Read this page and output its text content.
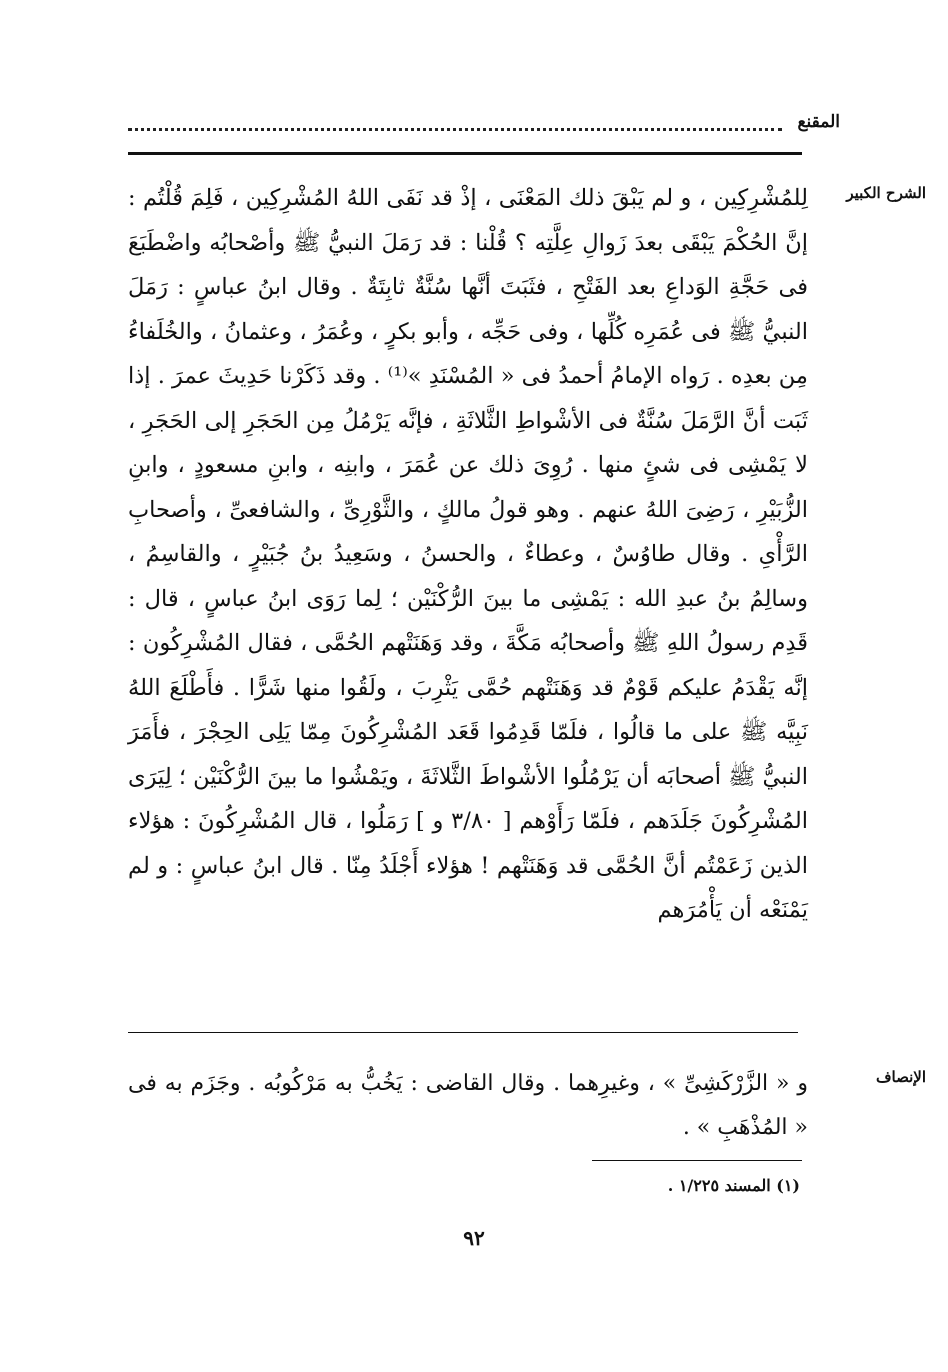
المقنع
الشرح الكبير
لِلمُشْرِكِين ، و لم يَبْقَ ذلك المَعْنَى ، إذْ قد نَفَى اللهُ المُشْرِكِين ، فَلِمَ قُلْتُم : إنَّ الحُكْمَ يَبْقَى بعدَ زَوالِ عِلَّتِه ؟ قُلْنا : قد رَمَلَ النبيُّ ﷺ وأصْحابُه واضْطَبَعَ فى حَجَّةِ الوَداعِ بعد الفَتْحِ ، فثَبَتَ أنَّها سُنَّةٌ ثابِتَةٌ . وقال ابنُ عباسٍ : رَمَلَ النبيُّ ﷺ فى عُمَرِه كُلِّها ، وفى حَجِّه ، وأبو بكرٍ ، وعُمَرُ ، وعثمانُ ، والخُلَفاءُ مِن بعدِه . رَواه الإمامُ أحمدُ فى « المُسْنَدِ »⁽¹⁾ . وقد ذَكَرْنا حَدِيثَ عمرَ . إذا ثَبَت أنَّ الرَّمَلَ سُنَّةٌ فى الأشْواطِ الثَّلاثَةِ ، فإنَّه يَرْمُلُ مِن الحَجَرِ إلى الحَجَرِ ، لا يَمْشِى فى شئٍ منها . رُوِىَ ذلك عن عُمَرَ ، وابنِه ، وابنِ مسعودٍ ، وابنِ الزُّبَيْرِ ، رَضِىَ اللهُ عنهم . وهو قولُ مالكٍ ، والثَّوْرِىِّ ، والشافعىِّ ، وأصحابِ الرَّأْىِ . وقال طاوُسٌ ، وعطاءٌ ، والحسنُ ، وسَعِيدُ بنُ جُبَيْرٍ ، والقاسِمُ ، وسالِمُ بنُ عبدِ الله : يَمْشِى ما بينَ الرُّكْنَيْن ؛ لِما رَوَى ابنُ عباسٍ ، قال : قَدِم رسولُ اللهِ ﷺ وأصحابُه مَكَّةَ ، وقد وَهَنَتْهم الحُمَّى ، فقال المُشْرِكُون : إنَّه يَقْدَمُ عليكم قَوْمٌ قد وَهَنَتْهم حُمَّى يَثْرِبَ ، ولَقُوا منها شَرًّا . فأَطْلَعَ اللهُ نَبِيَّه ﷺ على ما قالُوا ، فلَمّا قَدِمُوا قَعَد المُشْرِكُونَ مِمّا يَلِى الحِجْرَ ، فأَمَرَ النبيُّ ﷺ أصحابَه أن يَرْمُلُوا الأشْواطَ الثَّلاثَةَ ، ويَمْشُوا ما بينَ الرُّكْنَيْن ؛ لِيَرَى المُشْرِكُونَ جَلَدَهم ، فلَمّا رَأَوْهم [ ٣/٨٠ و ] رَمَلُوا ، قال المُشْرِكُونَ : هؤلاء الذين زَعَمْتُم أنَّ الحُمَّى قد وَهَنَتْهم ! هؤلاء أَجْلَدُ مِنّا . قال ابنُ عباسٍ : و لم يَمْنَعْه أن يَأْمُرَهم
الإنصاف
و « الزَّرْكَشِىِّ » ، وغيرِهما . وقال القاضى : يَخُبُّ به مَرْكُوبُه . وجَزَم به فى « المُذْهَبِ » .
(١) المسند ١/٢٢٥ .
٩٢
